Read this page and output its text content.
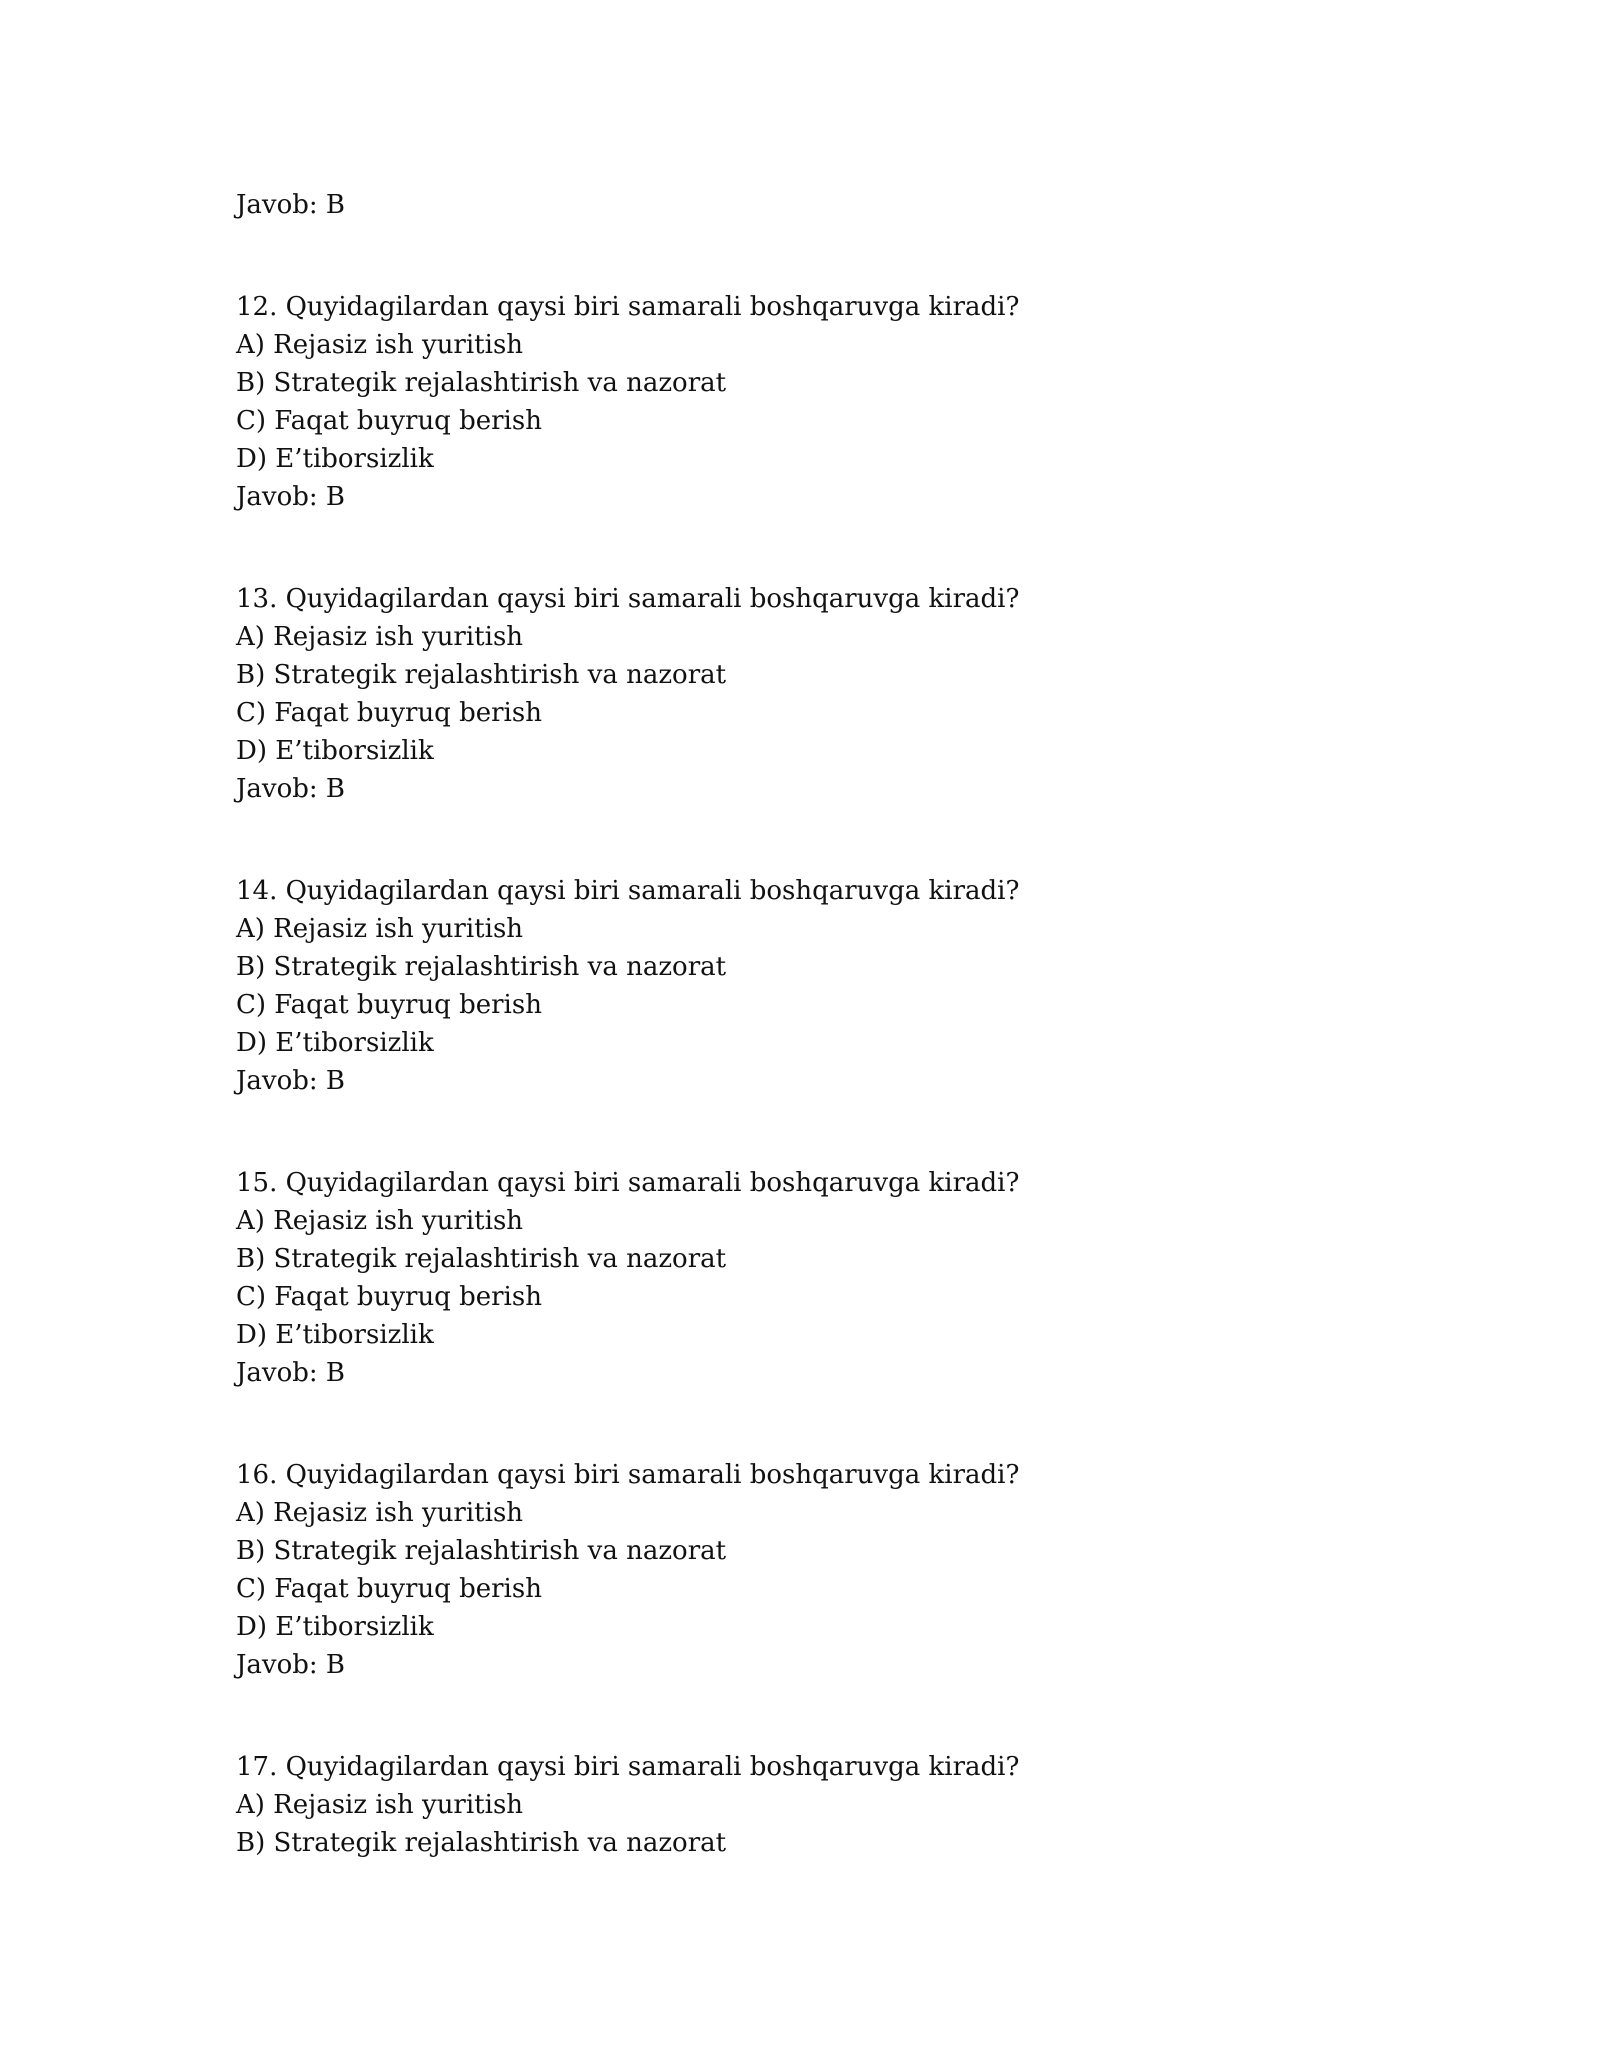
Javob: B
12. Quyidagilardan qaysi biri samarali boshqaruvga kiradi?
A) Rejasiz ish yuritish
B) Strategik rejalashtirish va nazorat
C) Faqat buyruq berish
D) E’tiborsizlik
Javob: B
13. Quyidagilardan qaysi biri samarali boshqaruvga kiradi?
A) Rejasiz ish yuritish
B) Strategik rejalashtirish va nazorat
C) Faqat buyruq berish
D) E’tiborsizlik
Javob: B
14. Quyidagilardan qaysi biri samarali boshqaruvga kiradi?
A) Rejasiz ish yuritish
B) Strategik rejalashtirish va nazorat
C) Faqat buyruq berish
D) E’tiborsizlik
Javob: B
15. Quyidagilardan qaysi biri samarali boshqaruvga kiradi?
A) Rejasiz ish yuritish
B) Strategik rejalashtirish va nazorat
C) Faqat buyruq berish
D) E’tiborsizlik
Javob: B
16. Quyidagilardan qaysi biri samarali boshqaruvga kiradi?
A) Rejasiz ish yuritish
B) Strategik rejalashtirish va nazorat
C) Faqat buyruq berish
D) E’tiborsizlik
Javob: B
17. Quyidagilardan qaysi biri samarali boshqaruvga kiradi?
A) Rejasiz ish yuritish
B) Strategik rejalashtirish va nazorat
